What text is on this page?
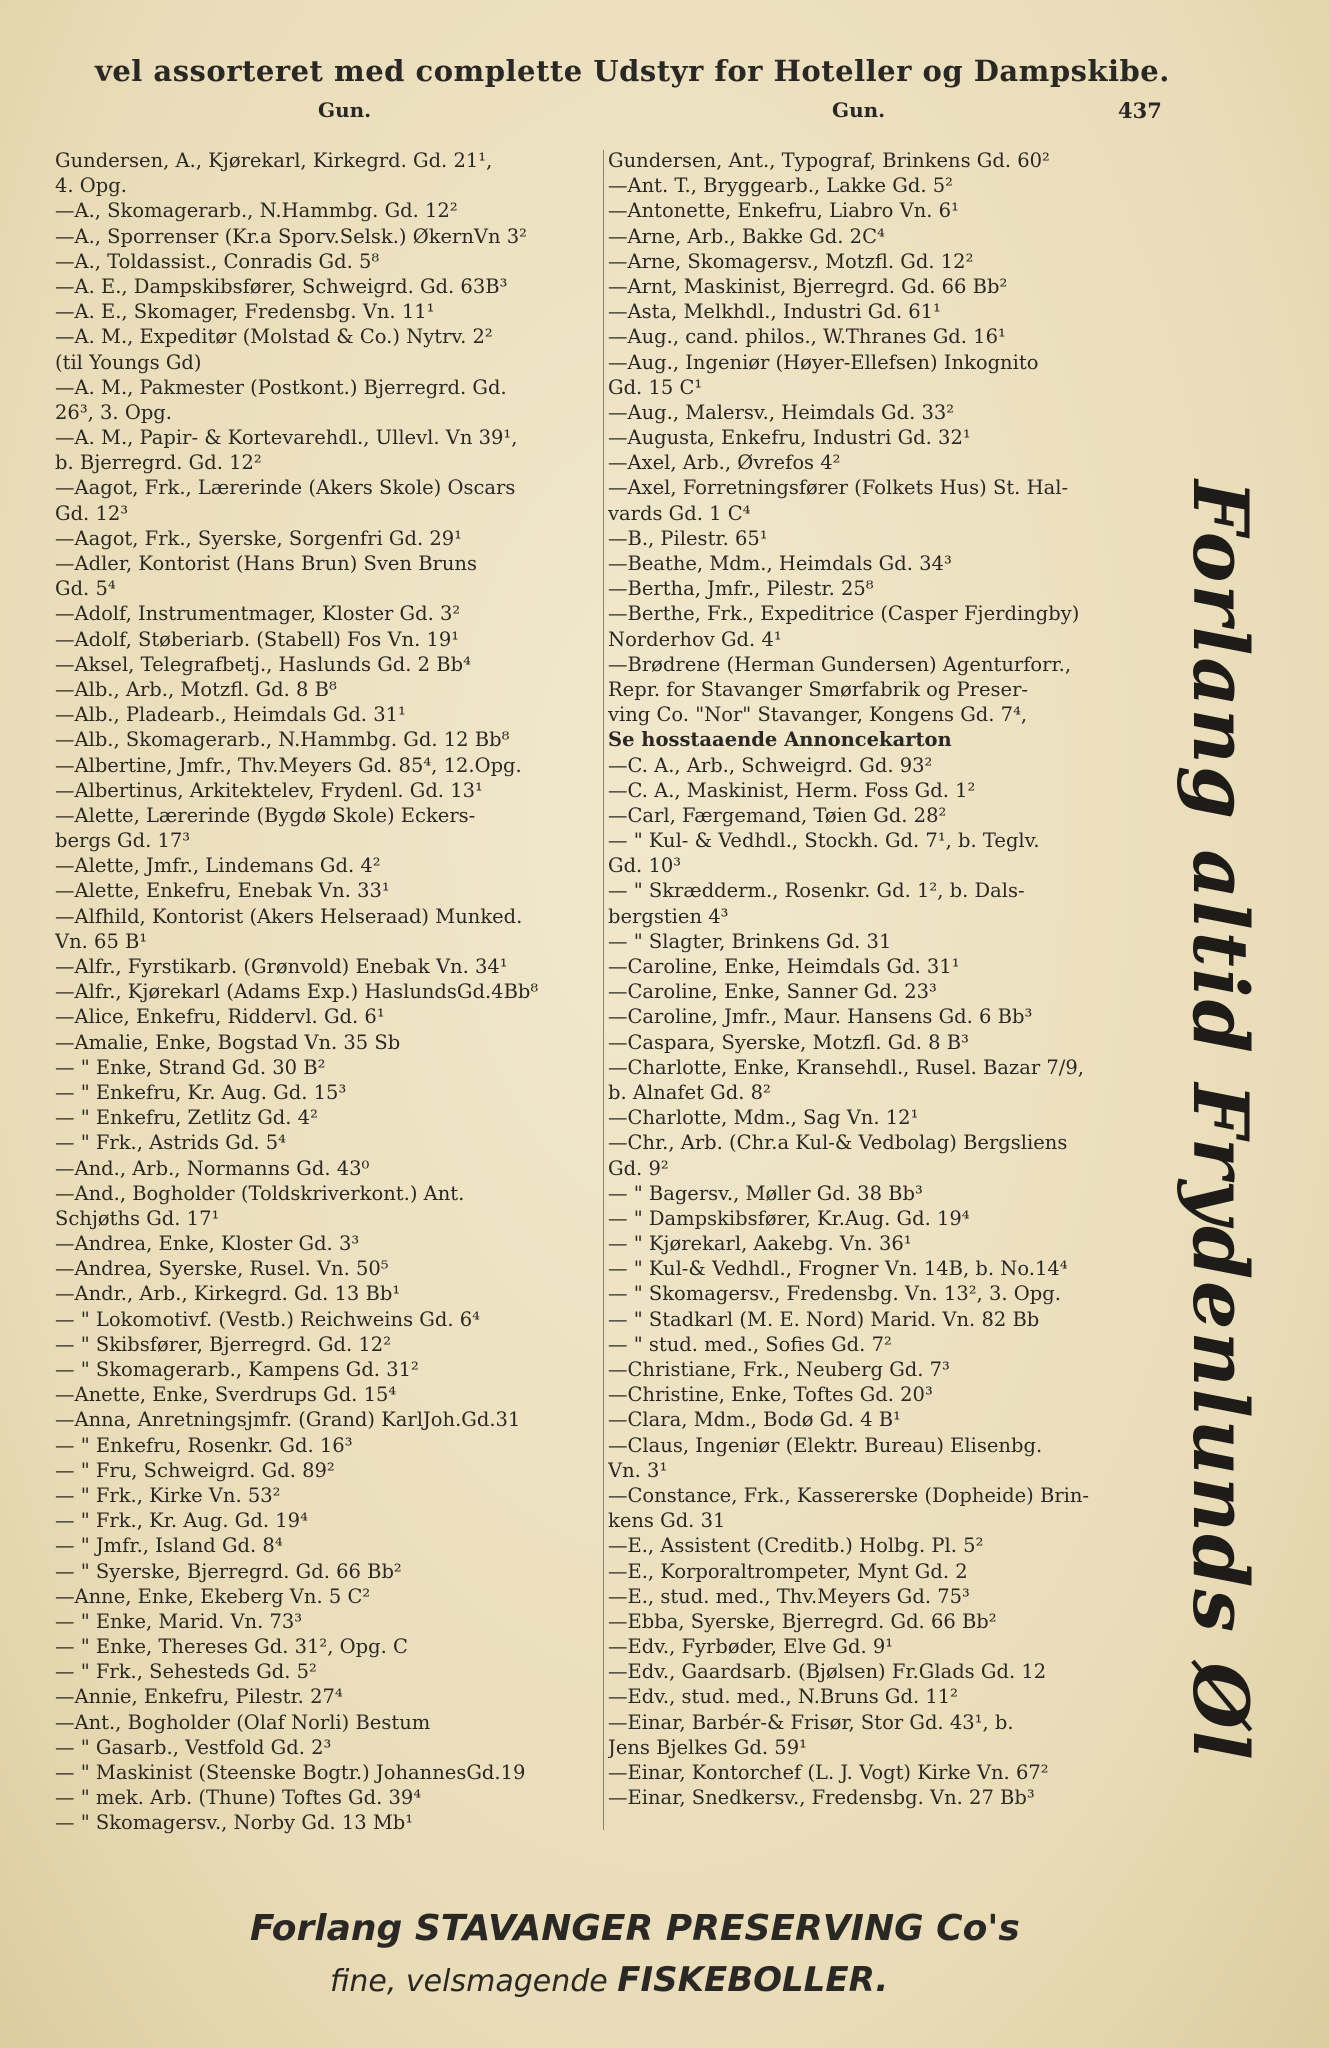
vel assorteret med complette Udstyr for Hoteller og Dampskibe.
Gun.	Gun.	437
Gundersen, A., Kjørekarl, Kirkegrd. Gd. 21¹,
4. Opg.
—A., Skomagerarb., N.Hammbg. Gd. 12²
—A., Sporrenser (Kr.a Sporv.Selsk.) ØkernVn 3²
—A., Toldassist., Conradis Gd. 5⁸
—A. E., Dampskibsfører, Schweigrd. Gd. 63B³
—A. E., Skomager, Fredensbg. Vn. 11¹
—A. M., Expeditør (Molstad & Co.) Nytrv. 2²
(til Youngs Gd)
—A. M., Pakmester (Postkont.) Bjerregrd. Gd.
26³, 3. Opg.
—A. M., Papir- & Kortevarehdl., Ullevl. Vn 39¹,
b. Bjerregrd. Gd. 12²
—Aagot, Frk., Lærerinde (Akers Skole) Oscars
Gd. 12³
—Aagot, Frk., Syerske, Sorgenfri Gd. 29¹
—Adler, Kontorist (Hans Brun) Sven Bruns
Gd. 5⁴
—Adolf, Instrumentmager, Kloster Gd. 3²
—Adolf, Støberiarb. (Stabell) Fos Vn. 19¹
—Aksel, Telegrafbetj., Haslunds Gd. 2 Bb⁴
—Alb., Arb., Motzfl. Gd. 8 B⁸
—Alb., Pladearb., Heimdals Gd. 31¹
—Alb., Skomagerarb., N.Hammbg. Gd. 12 Bb⁸
—Albertine, Jmfr., Thv.Meyers Gd. 85⁴, 12.Opg.
—Albertinus, Arkitektelev, Frydenl. Gd. 13¹
—Alette, Lærerinde (Bygdø Skole) Eckers-
bergs Gd. 17³
—Alette, Jmfr., Lindemans Gd. 4²
—Alette, Enkefru, Enebak Vn. 33¹
—Alfhild, Kontorist (Akers Helseraad) Munked.
Vn. 65 B¹
—Alfr., Fyrstikarb. (Grønvold) Enebak Vn. 34¹
—Alfr., Kjørekarl (Adams Exp.) HaslundsGd.4Bb⁸
—Alice, Enkefru, Riddervl. Gd. 6¹
—Amalie, Enke, Bogstad Vn. 35 Sb
— " Enke, Strand Gd. 30 B²
— " Enkefru, Kr. Aug. Gd. 15³
— " Enkefru, Zetlitz Gd. 4²
— " Frk., Astrids Gd. 5⁴
—And., Arb., Normanns Gd. 43⁰
—And., Bogholder (Toldskriverkont.) Ant.
Schjøths Gd. 17¹
—Andrea, Enke, Kloster Gd. 3³
—Andrea, Syerske, Rusel. Vn. 50⁵
—Andr., Arb., Kirkegrd. Gd. 13 Bb¹
— " Lokomotivf. (Vestb.) Reichweins Gd. 6⁴
— " Skibsfører, Bjerregrd. Gd. 12²
— " Skomagerarb., Kampens Gd. 31²
—Anette, Enke, Sverdrups Gd. 15⁴
—Anna, Anretningsjmfr. (Grand) KarlJoh.Gd.31
— " Enkefru, Rosenkr. Gd. 16³
— " Fru, Schweigrd. Gd. 89²
— " Frk., Kirke Vn. 53²
— " Frk., Kr. Aug. Gd. 19⁴
— " Jmfr., Island Gd. 8⁴
— " Syerske, Bjerregrd. Gd. 66 Bb²
—Anne, Enke, Ekeberg Vn. 5 C²
— " Enke, Marid. Vn. 73³
— " Enke, Thereses Gd. 31², Opg. C
— " Frk., Sehesteds Gd. 5²
—Annie, Enkefru, Pilestr. 27⁴
—Ant., Bogholder (Olaf Norli) Bestum
— " Gasarb., Vestfold Gd. 2³
— " Maskinist (Steenske Bogtr.) JohannesGd.19
— " mek. Arb. (Thune) Toftes Gd. 39⁴
— " Skomagersv., Norby Gd. 13 Mb¹
Gundersen, Ant., Typograf, Brinkens Gd. 60²
—Ant. T., Bryggearb., Lakke Gd. 5²
—Antonette, Enkefru, Liabro Vn. 6¹
—Arne, Arb., Bakke Gd. 2C⁴
—Arne, Skomagersv., Motzfl. Gd. 12²
—Arnt, Maskinist, Bjerregrd. Gd. 66 Bb²
—Asta, Melkhdl., Industri Gd. 61¹
—Aug., cand. philos., W.Thranes Gd. 16¹
—Aug., Ingeniør (Høyer-Ellefsen) Inkognito
Gd. 15 C¹
—Aug., Malersv., Heimdals Gd. 33²
—Augusta, Enkefru, Industri Gd. 32¹
—Axel, Arb., Øvrefos 4²
—Axel, Forretningsfører (Folkets Hus) St. Hal-
vards Gd. 1 C⁴
—B., Pilestr. 65¹
—Beathe, Mdm., Heimdals Gd. 34³
—Bertha, Jmfr., Pilestr. 25⁸
—Berthe, Frk., Expeditrice (Casper Fjerdingby)
Norderhov Gd. 4¹
—Brødrene (Herman Gundersen) Agenturforr.,
Repr. for Stavanger Smørfabrik og Preser-
ving Co. "Nor" Stavanger, Kongens Gd. 7⁴,
Se hosstaaende Annoncekarton
—C. A., Arb., Schweigrd. Gd. 93²
—C. A., Maskinist, Herm. Foss Gd. 1²
—Carl, Færgemand, Tøien Gd. 28²
— " Kul- & Vedhdl., Stockh. Gd. 7¹, b. Teglv.
Gd. 10³
— " Skrædderm., Rosenkr. Gd. 1², b. Dals-
bergstien 4³
— " Slagter, Brinkens Gd. 31
—Caroline, Enke, Heimdals Gd. 31¹
—Caroline, Enke, Sanner Gd. 23³
—Caroline, Jmfr., Maur. Hansens Gd. 6 Bb³
—Caspara, Syerske, Motzfl. Gd. 8 B³
—Charlotte, Enke, Kransehdl., Rusel. Bazar 7/9,
b. Alnafet Gd. 8²
—Charlotte, Mdm., Sag Vn. 12¹
—Chr., Arb. (Chr.a Kul-& Vedbolag) Bergsliens
Gd. 9²
— " Bagersv., Møller Gd. 38 Bb³
— " Dampskibsfører, Kr.Aug. Gd. 19⁴
— " Kjørekarl, Aakebg. Vn. 36¹
— " Kul-& Vedhdl., Frogner Vn. 14B, b. No.14⁴
— " Skomagersv., Fredensbg. Vn. 13², 3. Opg.
— " Stadkarl (M. E. Nord) Marid. Vn. 82 Bb
— " stud. med., Sofies Gd. 7²
—Christiane, Frk., Neuberg Gd. 7³
—Christine, Enke, Toftes Gd. 20³
—Clara, Mdm., Bodø Gd. 4 B¹
—Claus, Ingeniør (Elektr. Bureau) Elisenbg.
Vn. 3¹
—Constance, Frk., Kassererske (Dopheide) Brin-
kens Gd. 31
—E., Assistent (Creditb.) Holbg. Pl. 5²
—E., Korporaltrompeter, Mynt Gd. 2
—E., stud. med., Thv.Meyers Gd. 75³
—Ebba, Syerske, Bjerregrd. Gd. 66 Bb²
—Edv., Fyrbøder, Elve Gd. 9¹
—Edv., Gaardsarb. (Bjølsen) Fr.Glads Gd. 12
—Edv., stud. med., N.Bruns Gd. 11²
—Einar, Barbér-& Frisør, Stor Gd. 43¹, b.
Jens Bjelkes Gd. 59¹
—Einar, Kontorchef (L. J. Vogt) Kirke Vn. 67²
—Einar, Snedkersv., Fredensbg. Vn. 27 Bb³
Forlang altid Frydenlunds Øl
Forlang STAVANGER PRESERVING Co's
fine, velsmagende FISKEBOLLER.
